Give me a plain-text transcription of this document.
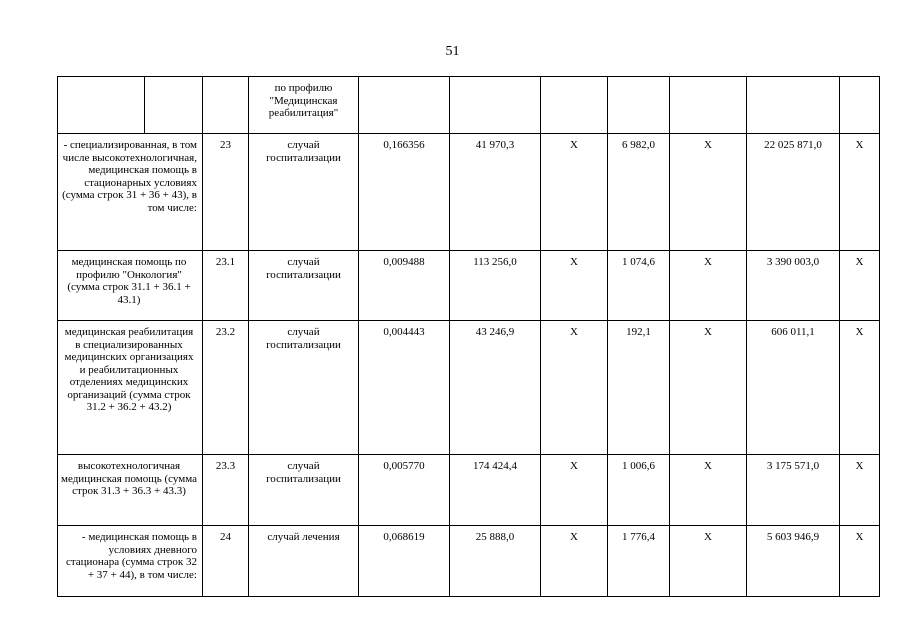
51
		по профилю "Медицинская реабилитация"							
- специализированная, в том числе высокотехнологичная, медицинская помощь в стационарных условиях (сумма строк 31 + 36 + 43), в том числе:	23	случай госпитализации	0,166356	41 970,3	Х	6 982,0	Х	22 025 871,0	Х
медицинская помощь по профилю "Онкология" (сумма строк 31.1 + 36.1 + 43.1)	23.1	случай госпитализации	0,009488	113 256,0	Х	1 074,6	Х	3 390 003,0	Х
медицинская реабилитация в специализированных медицинских организациях и реабилитационных отделениях медицинских организаций (сумма строк 31.2 + 36.2 + 43.2)	23.2	случай госпитализации	0,004443	43 246,9	Х	192,1	Х	606 011,1	Х
высокотехнологичная медицинская помощь (сумма строк 31.3 + 36.3 + 43.3)	23.3	случай госпитализации	0,005770	174 424,4	Х	1 006,6	Х	3 175 571,0	Х
- медицинская помощь в условиях дневного стационара (сумма строк 32 + 37 + 44), в том числе:	24	случай лечения	0,068619	25 888,0	Х	1 776,4	Х	5 603 946,9	Х
